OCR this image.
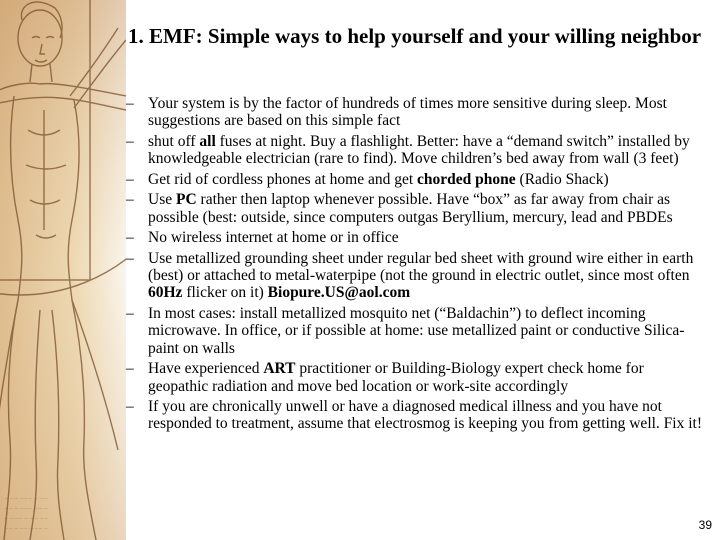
~ ~~ ~~~ ~ ~~
~~ ~ ~~~ ~~ ~
~ ~~~ ~ ~~ ~~
~~ ~ ~~ ~~~ ~
1. EMF: Simple ways to help yourself and your willing neighbor
– Your system is by the factor of hundreds of times more sensitive during sleep. Most suggestions are based on this simple fact
– shut off all fuses at night. Buy a flashlight. Better: have a “demand switch” installed by knowledgeable electrician (rare to find). Move children’s bed away from wall (3 feet)
– Get rid of cordless phones at home and get chorded phone (Radio Shack)
– Use PC rather then laptop whenever possible. Have “box” as far away from chair as possible (best: outside, since computers outgas Beryllium, mercury, lead and PBDEs
– No wireless internet at home or in office
– Use metallized grounding sheet under regular bed sheet with ground wire either in earth (best) or attached to metal-waterpipe (not the ground in electric outlet, since most often 60Hz flicker on it) Biopure.US@aol.com
– In most cases: install metallized mosquito net (“Baldachin”) to deflect incoming microwave. In office, or if possible at home: use metallized paint or conductive Silica-paint on walls
– Have experienced ART practitioner or Building-Biology expert check home for geopathic radiation and move bed location or work-site accordingly
– If you are chronically unwell or have a diagnosed medical illness and you have not responded to treatment, assume that electrosmog is keeping you from getting well. Fix it!
39
